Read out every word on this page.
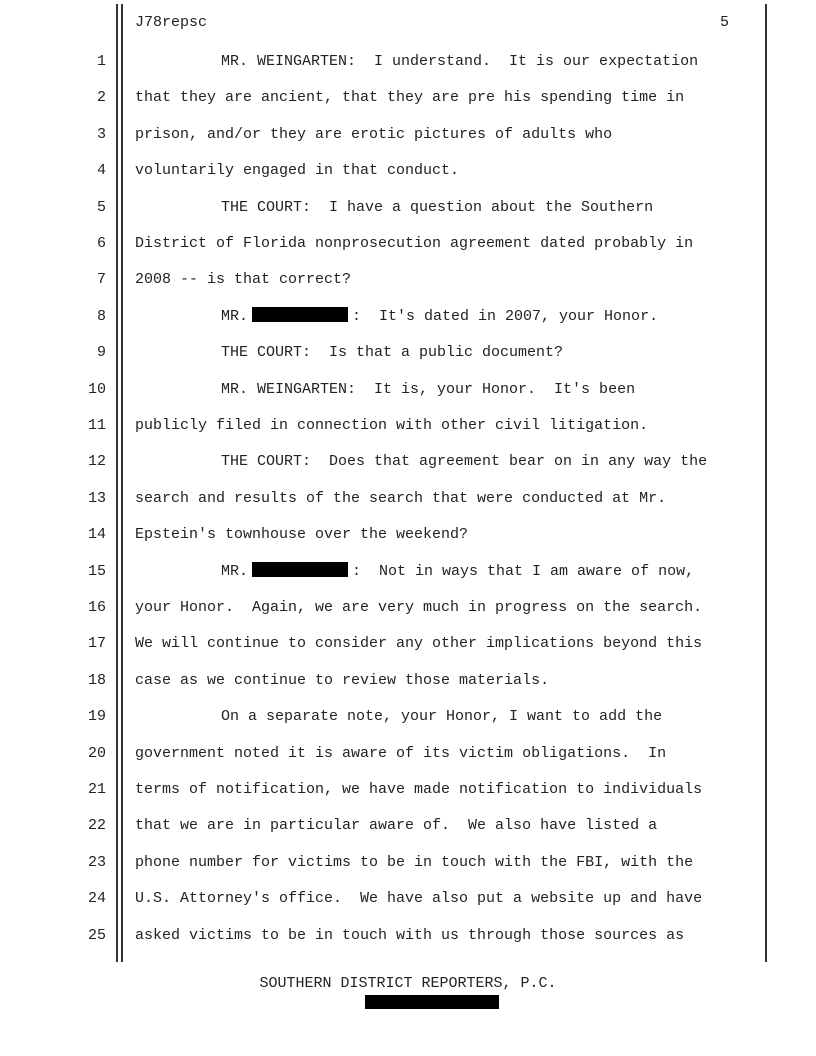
J78repsc	5
1	MR. WEINGARTEN:  I understand.  It is our expectation
2 that they are ancient, that they are pre his spending time in
3 prison, and/or they are erotic pictures of adults who
4 voluntarily engaged in that conduct.
5	THE COURT:  I have a question about the Southern
6 District of Florida nonprosecution agreement dated probably in
7 2008 -- is that correct?
8	MR.	:  It's dated in 2007, your Honor.
9	THE COURT:  Is that a public document?
10	MR. WEINGARTEN:  It is, your Honor.  It's been
11 publicly filed in connection with other civil litigation.
12	THE COURT:  Does that agreement bear on in any way the
13 search and results of the search that were conducted at Mr.
14 Epstein's townhouse over the weekend?
15	MR.	:  Not in ways that I am aware of now,
16 your Honor.  Again, we are very much in progress on the search.
17 We will continue to consider any other implications beyond this
18 case as we continue to review those materials.
19	On a separate note, your Honor, I want to add the
20 government noted it is aware of its victim obligations.  In
21 terms of notification, we have made notification to individuals
22 that we are in particular aware of.  We also have listed a
23 phone number for victims to be in touch with the FBI, with the
24 U.S. Attorney's office.  We have also put a website up and have
25 asked victims to be in touch with us through those sources as
SOUTHERN DISTRICT REPORTERS, P.C.
